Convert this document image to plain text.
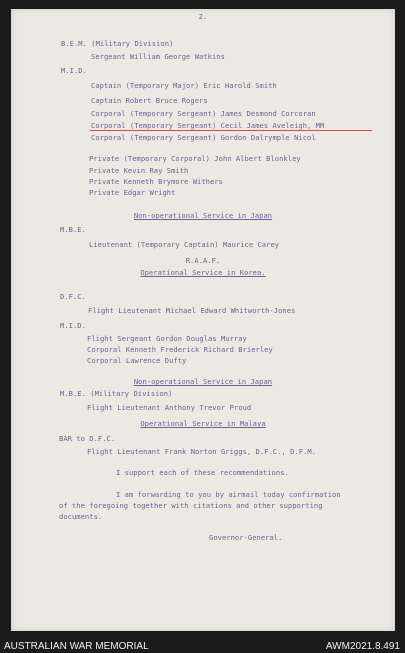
2.
B.E.M. (Military Division)
Sergeant William George Watkins
M.I.D.
Captain (Temporary Major) Eric Harold Smith
Captain Robert Bruce Rogers
Corporal (Temporary Sergeant) James Desmond Corcoran
Corporal (Temporary Sergeant) Cecil James Aveleigh, MM
Corporal (Temporary Sergeant) Gordon Dalrymple Nicol
Private (Temporary Corporal) John Albert Blonkley
Private Kevin Ray Smith
Private Kenneth Brymore Withers
Private Edgar Wright
Non-operational Service in Japan
M.B.E.
Lieutenant (Temporary Captain) Maurice Carey
R.A.A.F.
Operational Service in Korea.
D.F.C.
Flight Lieutenant Michael Edward Whitworth-Jones
M.I.D.
Flight Sergeant Gordon Douglas Murray
Corporal Kenneth Frederick Richard Brierley
Corporal Lawrence Dufty
Non-operational Service in Japan
M.B.E. (Military Division)
Flight Lieutenant Anthony Trevor Proud
Operational Service in Malaya
BAR to D.F.C.
Flight Lieutenant Frank Norton Griggs, D.F.C., D.F.M.
I support each of these recommendations.
I am forwarding to you by airmail today confirmation
of the foregoing together with citations and other supporting
documents.
Governor-General.
AUSTRALIAN WAR MEMORIAL	AWM2021.8.491
